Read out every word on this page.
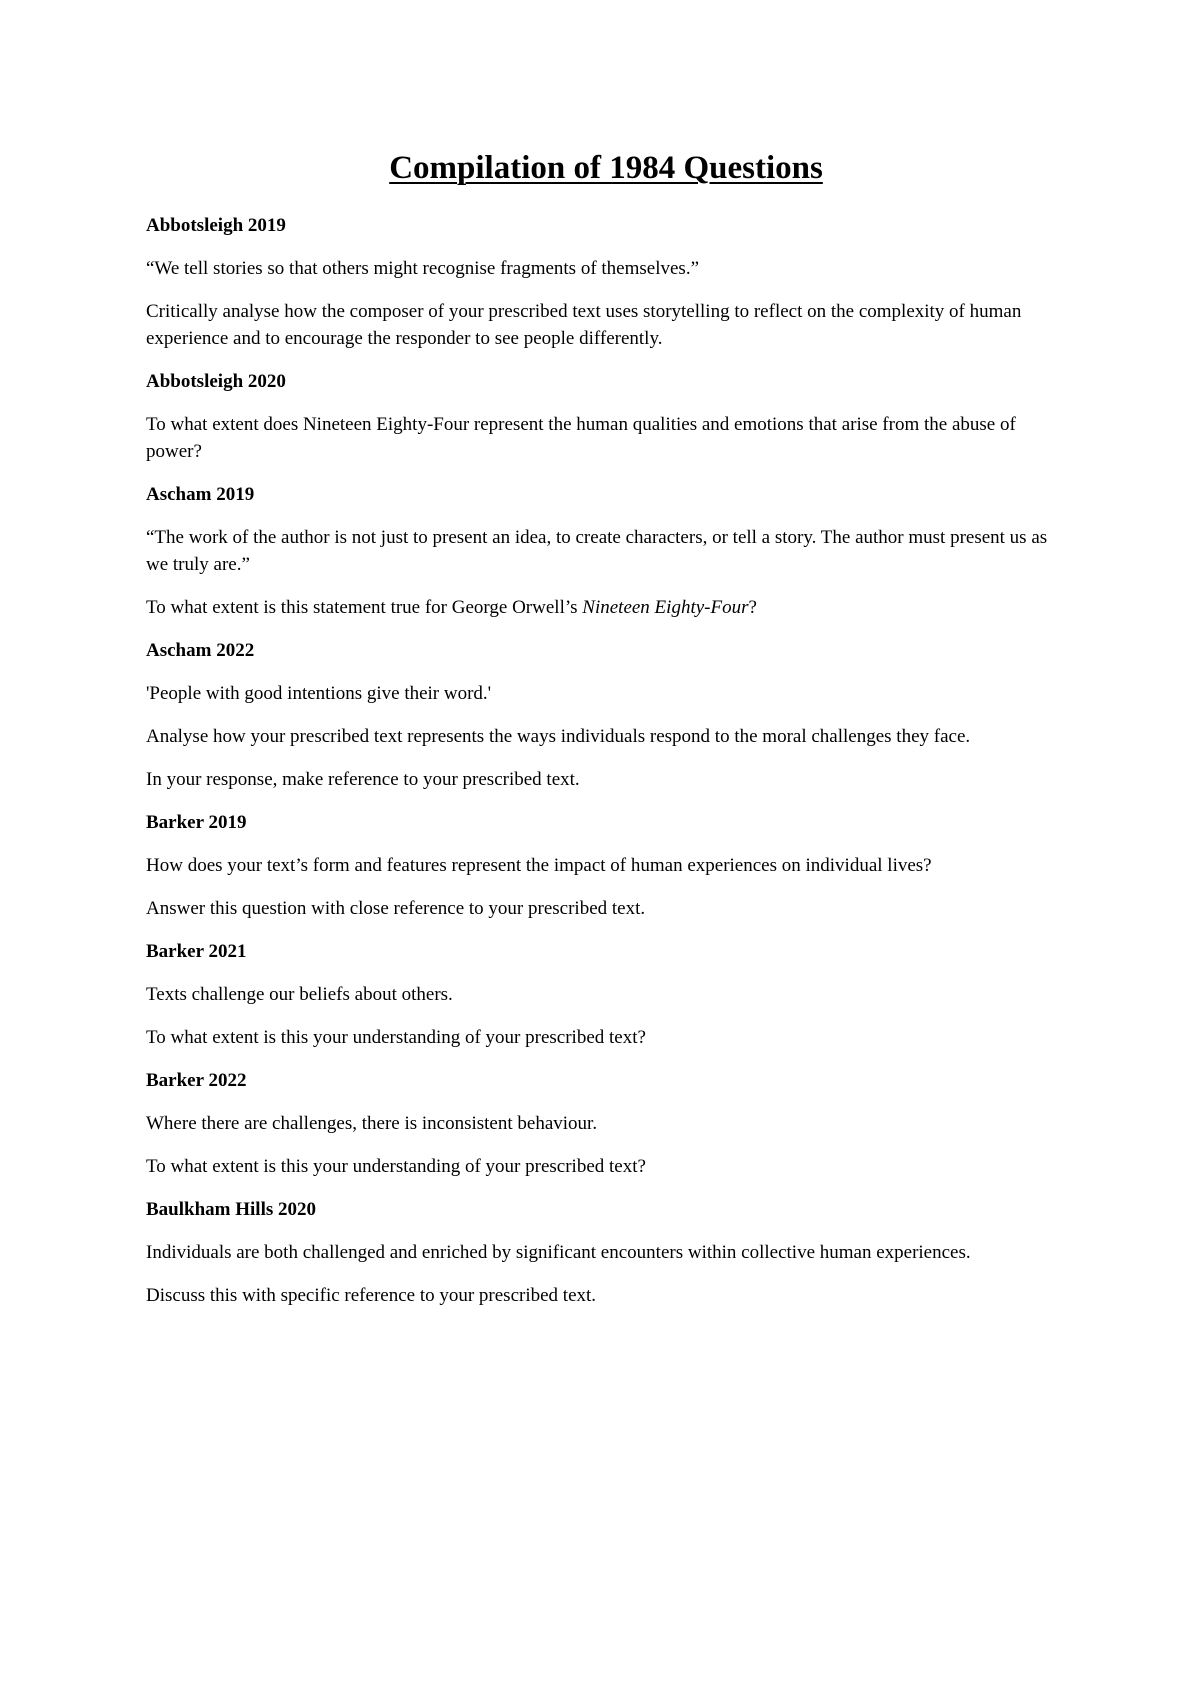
Compilation of 1984 Questions

Abbotsleigh 2019

“We tell stories so that others might recognise fragments of themselves.”

Critically analyse how the composer of your prescribed text uses storytelling to reflect on the complexity of human experience and to encourage the responder to see people differently.

Abbotsleigh 2020

To what extent does Nineteen Eighty-Four represent the human qualities and emotions that arise from the abuse of power?

Ascham 2019

“The work of the author is not just to present an idea, to create characters, or tell a story. The author must present us as we truly are.”

To what extent is this statement true for George Orwell’s Nineteen Eighty-Four?

Ascham 2022

'People with good intentions give their word.'

Analyse how your prescribed text represents the ways individuals respond to the moral challenges they face.

In your response, make reference to your prescribed text.

Barker 2019

How does your text’s form and features represent the impact of human experiences on individual lives?

Answer this question with close reference to your prescribed text.

Barker 2021

Texts challenge our beliefs about others.

To what extent is this your understanding of your prescribed text?

Barker 2022

Where there are challenges, there is inconsistent behaviour.

To what extent is this your understanding of your prescribed text?

Baulkham Hills 2020

Individuals are both challenged and enriched by significant encounters within collective human experiences.

Discuss this with specific reference to your prescribed text.
